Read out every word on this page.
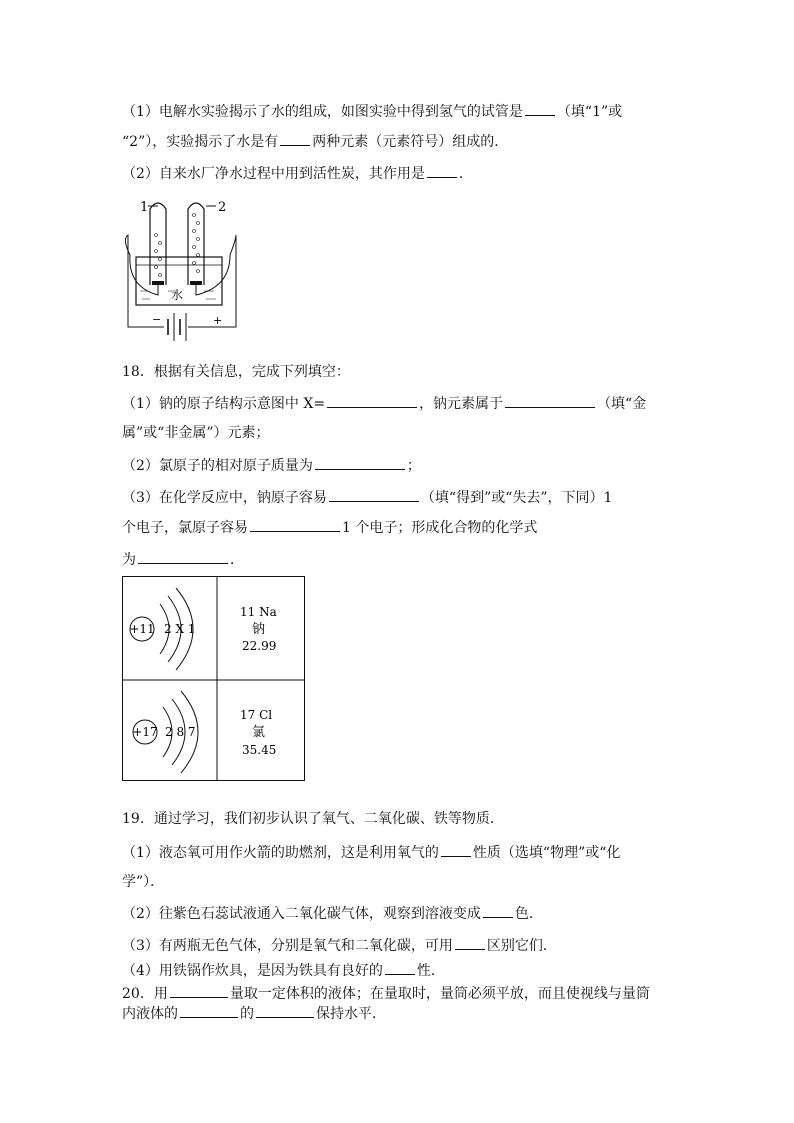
（1）电解水实验揭示了水的组成，如图实验中得到氢气的试管是 （填“1”或
“2”），实验揭示了水是有 两种元素（元素符号）组成的．
（2）自来水厂净水过程中用到活性炭，其作用是 ．
1	2
水
−	+
18．根据有关信息，完成下列填空：
（1）钠的原子结构示意图中 X=	，钠元素属于	（填“金
属”或“非金属”）元素；
（2）氯原子的相对原子质量为	；
（3）在化学反应中，钠原子容易	（填“得到”或“失去”，下同）1
个电子，氯原子容易	1 个电子；形成化合物的化学式
为	．
+11 2 X 1
11 Na
钠
22.99
+17 2 8 7
17 Cl
氯
35.45
19．通过学习，我们初步认识了氧气、二氧化碳、铁等物质．
（1）液态氧可用作火箭的助燃剂，这是利用氧气的 性质（选填“物理”或“化
学”）．
（2）往紫色石蕊试液通入二氧化碳气体，观察到溶液变成 色．
（3）有两瓶无色气体，分别是氧气和二氧化碳，可用 区别它们．
（4）用铁锅作炊具，是因为铁具有良好的 性．
20．用	量取一定体积的液体；在量取时，量筒必须平放，而且使视线与量筒
内液体的	的	保持水平．
